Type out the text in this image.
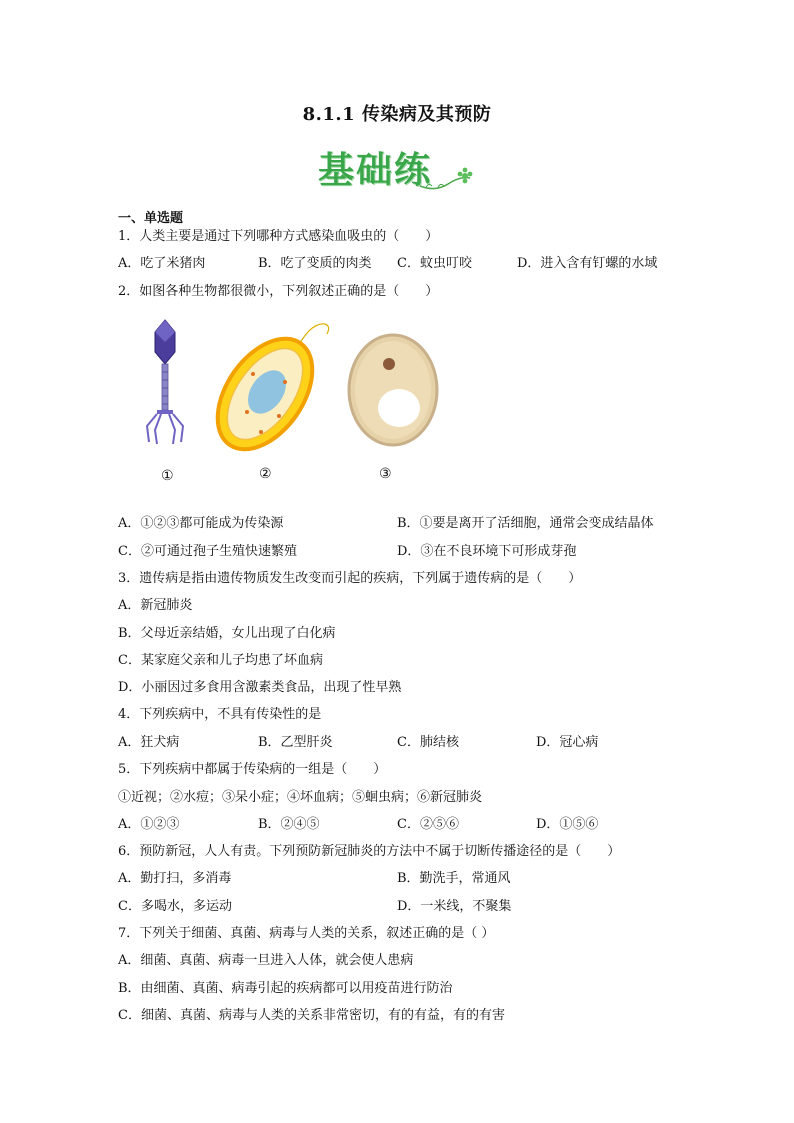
8.1.1 传染病及其预防
基础练
一、单选题
1．人类主要是通过下列哪种方式感染血吸虫的（　　）
A．吃了米猪肉	B．吃了变质的肉类 C．蚊虫叮咬	D．进入含有钉螺的水域
2．如图各种生物都很微小，下列叙述正确的是（　　）
①	②	③
A．①②③都可能成为传染源	B．①要是离开了活细胞，通常会变成结晶体
C．②可通过孢子生殖快速繁殖	D．③在不良环境下可形成芽孢
3．遗传病是指由遗传物质发生改变而引起的疾病，下列属于遗传病的是（　　）
A．新冠肺炎
B．父母近亲结婚，女儿出现了白化病
C．某家庭父亲和儿子均患了坏血病
D．小丽因过多食用含激素类食品，出现了性早熟
4．下列疾病中，不具有传染性的是
A．狂犬病	B．乙型肝炎	C．肺结核	D．冠心病
5．下列疾病中都属于传染病的一组是（　　）
①近视；②水痘；③呆小症；④坏血病；⑤蛔虫病；⑥新冠肺炎
A．①②③	B．②④⑤	C．②⑤⑥	D．①⑤⑥
6．预防新冠，人人有责。下列预防新冠肺炎的方法中不属于切断传播途径的是（　　）
A．勤打扫，多消毒	B．勤洗手，常通风
C．多喝水，多运动	D．一米线，不聚集
7．下列关于细菌、真菌、病毒与人类的关系，叙述正确的是（ ）
A．细菌、真菌、病毒一旦进入人体，就会使人患病
B．由细菌、真菌、病毒引起的疾病都可以用疫苗进行防治
C．细菌、真菌、病毒与人类的关系非常密切，有的有益，有的有害
